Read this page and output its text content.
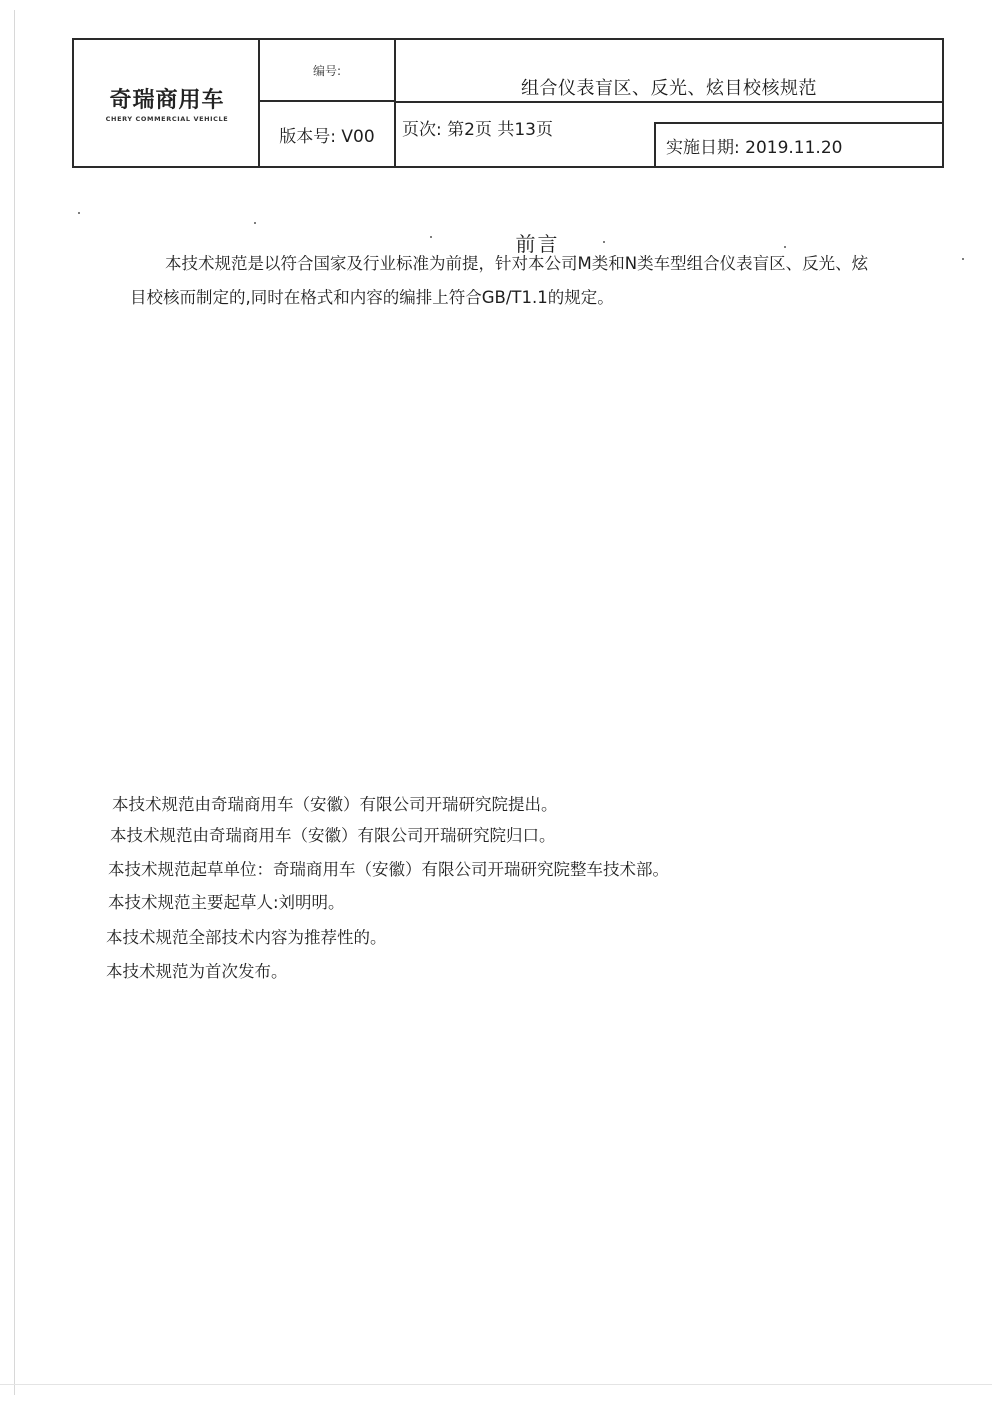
奇瑞商用车
CHERY COMMERCIAL VEHICLE
编号:
版本号: V00
组合仪表盲区、反光、炫目校核规范
页次: 第2页 共13页
实施日期: 2019.11.20
前言
本技术规范是以符合国家及行业标准为前提，针对本公司M类和N类车型组合仪表盲区、反光、炫
目校核而制定的,同时在格式和内容的编排上符合GB/T1.1的规定。
本技术规范由奇瑞商用车（安徽）有限公司开瑞研究院提出。
本技术规范由奇瑞商用车（安徽）有限公司开瑞研究院归口。
本技术规范起草单位：奇瑞商用车（安徽）有限公司开瑞研究院整车技术部。
本技术规范主要起草人:刘明明。
本技术规范全部技术内容为推荐性的。
本技术规范为首次发布。
